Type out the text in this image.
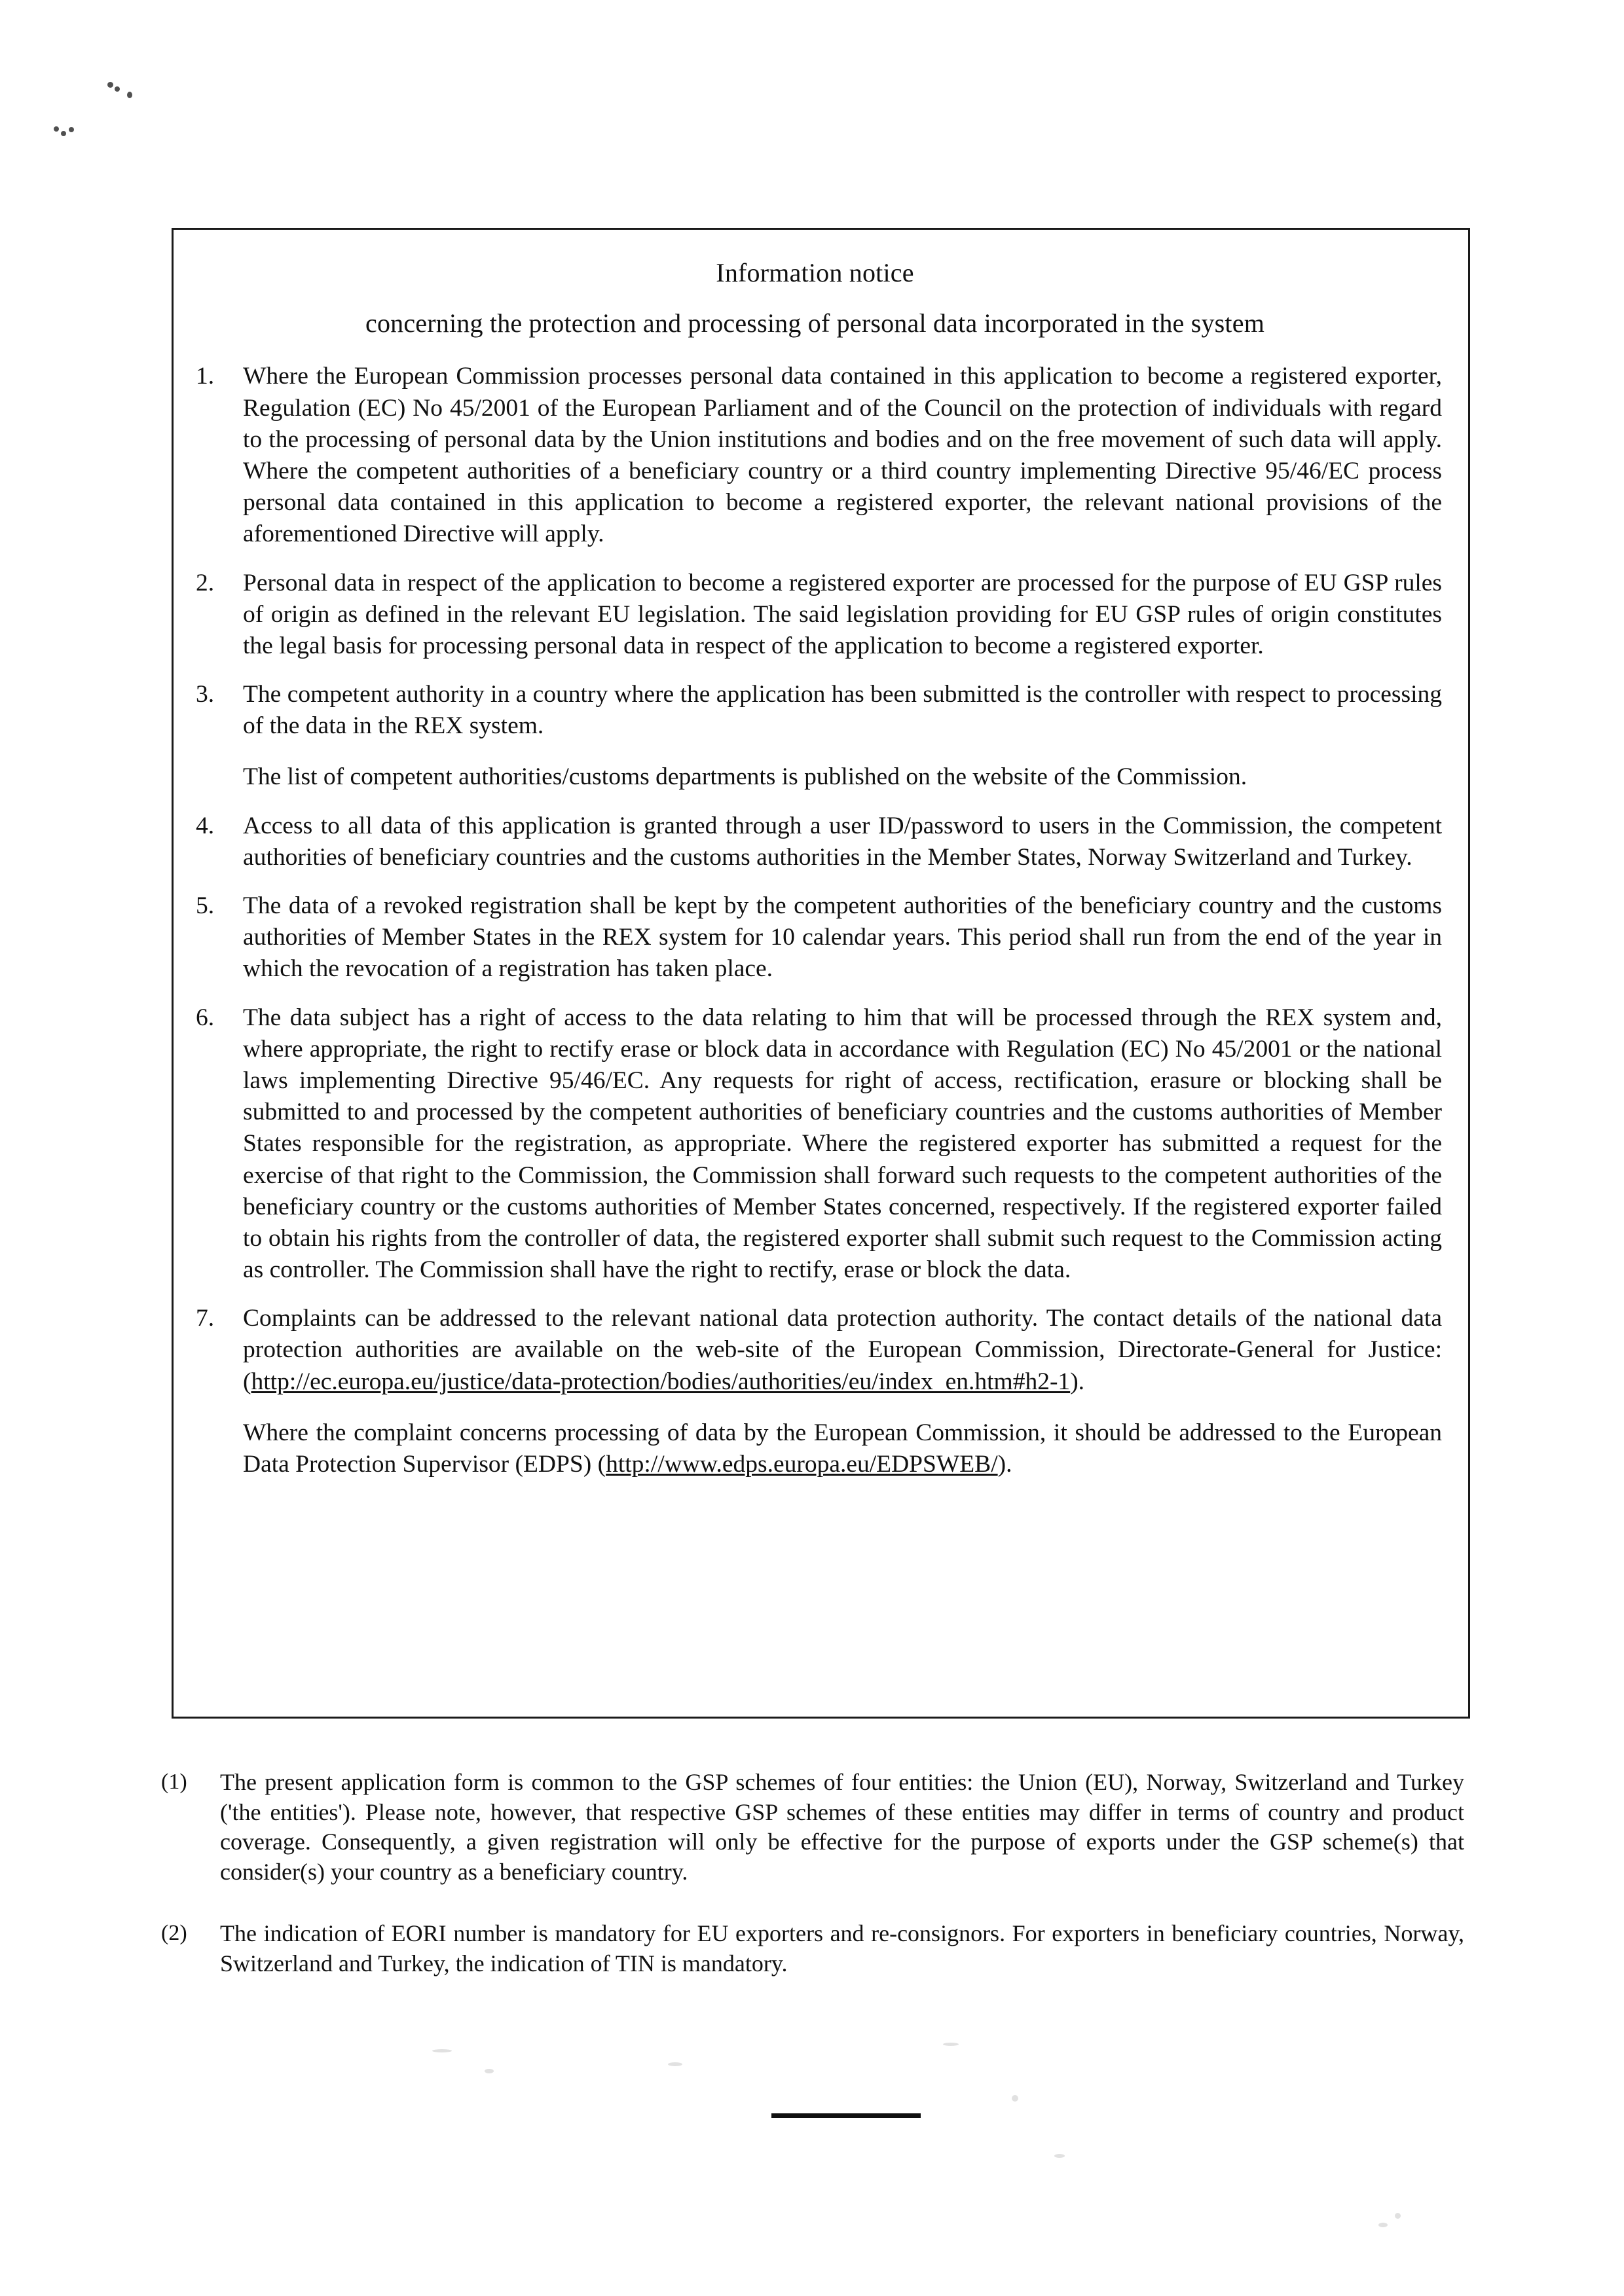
Information notice
concerning the protection and processing of personal data incorporated in the system
1.	Where the European Commission processes personal data contained in this application to become a registered exporter, Regulation (EC) No 45/2001 of the European Parliament and of the Council on the protection of individuals with regard to the processing of personal data by the Union institutions and bodies and on the free movement of such data will apply. Where the competent authorities of a beneficiary country or a third country implementing Directive 95/46/EC process personal data contained in this application to become a registered exporter, the relevant national provisions of the aforementioned Directive will apply.

2.	Personal data in respect of the application to become a registered exporter are processed for the purpose of EU GSP rules of origin as defined in the relevant EU legislation. The said legislation providing for EU GSP rules of origin constitutes the legal basis for processing personal data in respect of the application to become a registered exporter.

3.	The competent authority in a country where the application has been submitted is the controller with respect to processing of the data in the REX system.

The list of competent authorities/customs departments is published on the website of the Commission.

4.	Access to all data of this application is granted through a user ID/password to users in the Commission, the competent authorities of beneficiary countries and the customs authorities in the Member States, Norway Switzerland and Turkey.

5.	The data of a revoked registration shall be kept by the competent authorities of the beneficiary country and the customs authorities of Member States in the REX system for 10 calendar years. This period shall run from the end of the year in which the revocation of a registration has taken place.

6.	The data subject has a right of access to the data relating to him that will be processed through the REX system and, where appropriate, the right to rectify erase or block data in accordance with Regulation (EC) No 45/2001 or the national laws implementing Directive 95/46/EC. Any requests for right of access, rectification, erasure or blocking shall be submitted to and processed by the competent authorities of beneficiary countries and the customs authorities of Member States responsible for the registration, as appropriate. Where the registered exporter has submitted a request for the exercise of that right to the Commission, the Commission shall forward such requests to the competent authorities of the beneficiary country or the customs authorities of Member States concerned, respectively. If the registered exporter failed to obtain his rights from the controller of data, the registered exporter shall submit such request to the Commission acting as controller. The Commission shall have the right to rectify, erase or block the data.

7.	Complaints can be addressed to the relevant national data protection authority. The contact details of the national data protection authorities are available on the web-site of the European Commission, Directorate-General for Justice:(http://ec.europa.eu/justice/data-protection/bodies/authorities/eu/index_en.htm#h2-1).

Where the complaint concerns processing of data by the European Commission, it should be addressed to the European Data Protection Supervisor (EDPS) (http://www.edps.europa.eu/EDPSWEB/).

(1)	The present application form is common to the GSP schemes of four entities: the Union (EU), Norway, Switzerland and Turkey ('the entities'). Please note, however, that respective GSP schemes of these entities may differ in terms of country and product coverage. Consequently, a given registration will only be effective for the purpose of exports under the GSP scheme(s) that consider(s) your country as a beneficiary country.

(2)	The indication of EORI number is mandatory for EU exporters and re-consignors. For exporters in beneficiary countries, Norway, Switzerland and Turkey, the indication of TIN is mandatory.
